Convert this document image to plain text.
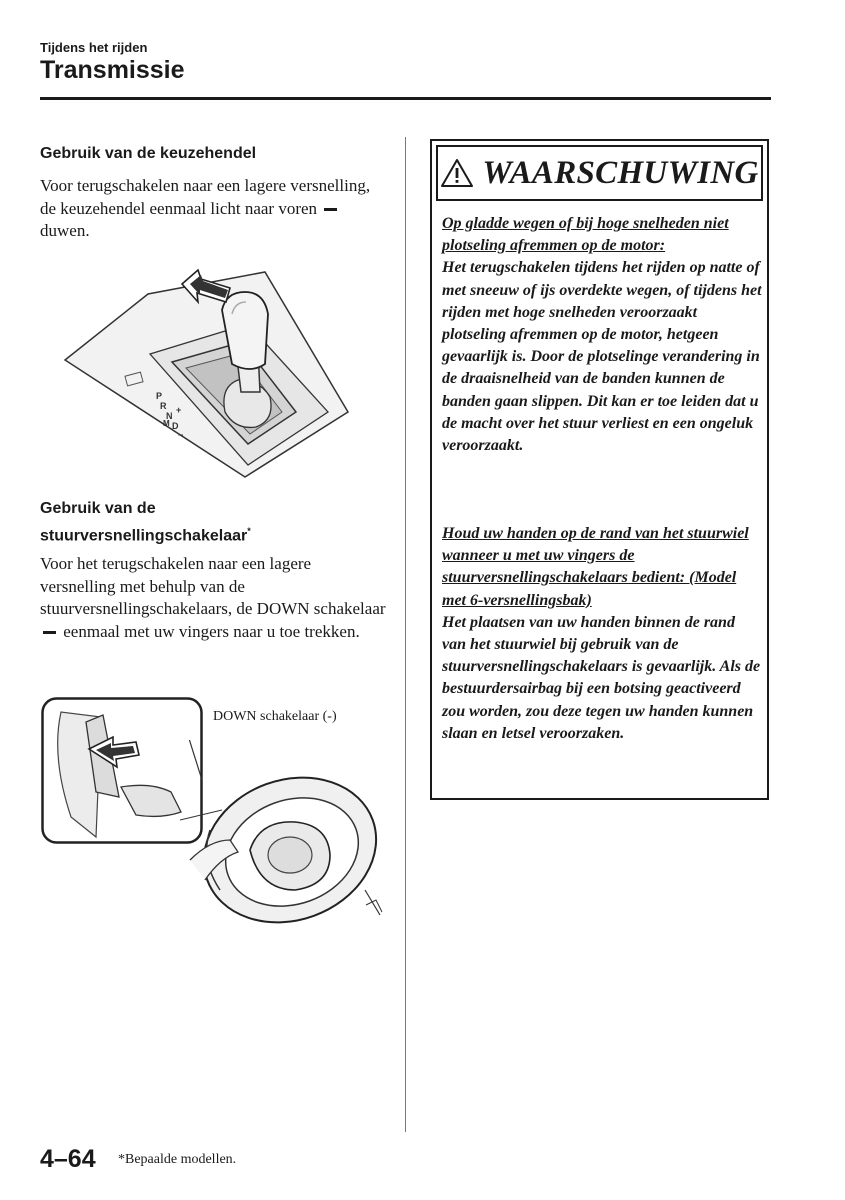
Tijdens het rijden
Transmissie
Gebruik van de keuzehendel
Voor terugschakelen naar een lagere versnelling, de keuzehendel eenmaal licht naar voren  duwen.
P
R
N
D
M
+
−
Gebruik van de
stuurversnellingschakelaar*
Voor het terugschakelen naar een lagere versnelling met behulp van de stuurversnellingschakelaars, de DOWN schakelaar  eenmaal met uw vingers naar u toe trekken.
DOWN schakelaar (-)
WAARSCHUWING
Op gladde wegen of bij hoge snelheden niet plotseling afremmen op de motor:
Het terugschakelen tijdens het rijden op natte of met sneeuw of ijs overdekte wegen, of tijdens het rijden met hoge snelheden veroorzaakt plotseling afremmen op de motor, hetgeen gevaarlijk is. Door de plotselinge verandering in de draaisnelheid van de banden kunnen de banden gaan slippen. Dit kan er toe leiden dat u de macht over het stuur verliest en een ongeluk veroorzaakt.
Houd uw handen op de rand van het stuurwiel wanneer u met uw vingers de stuurversnellingschakelaars bedient: (Model met 6-versnellingsbak)
Het plaatsen van uw handen binnen de rand van het stuurwiel bij gebruik van de stuurversnellingschakelaars is gevaarlijk. Als de bestuurdersairbag bij een botsing geactiveerd zou worden, zou deze tegen uw handen kunnen slaan en letsel veroorzaken.
4–64 *Bepaalde modellen.
